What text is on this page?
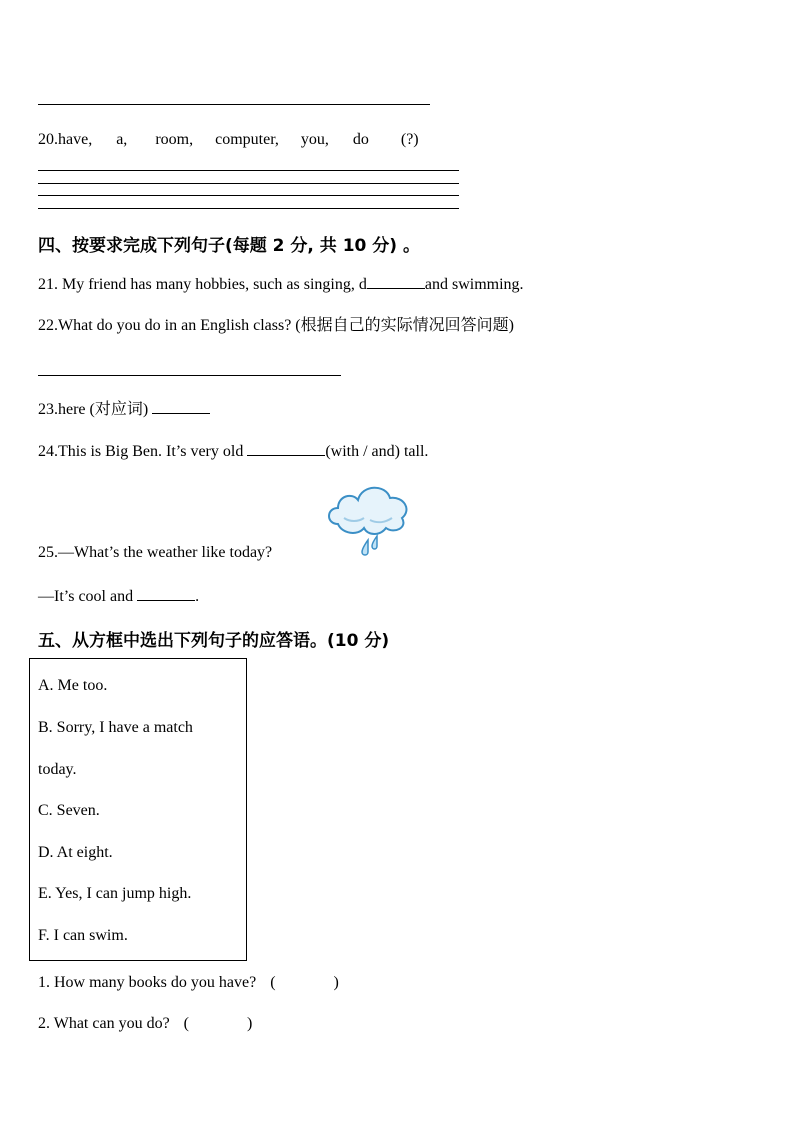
20.have, a, room, computer, you, do (?)
四、按要求完成下列句子(每题 2 分, 共 10 分) 。
21. My friend has many hobbies, such as singing, d	and swimming.
22.What do you do in an English class? (根据自己的实际情况回答问题)
23.here (对应词)
24.This is Big Ben. It’s very old	(with / and) tall.
25.—What’s the weather like today?
—It’s cool and	.
五、从方框中选出下列句子的应答语。(10 分)
A. Me too.
B. Sorry, I have a match
today.
C. Seven.
D. At eight.
E. Yes, I can jump high.
F. I can swim.
1. How many books do you have? (	)
2. What can you do? (	)
